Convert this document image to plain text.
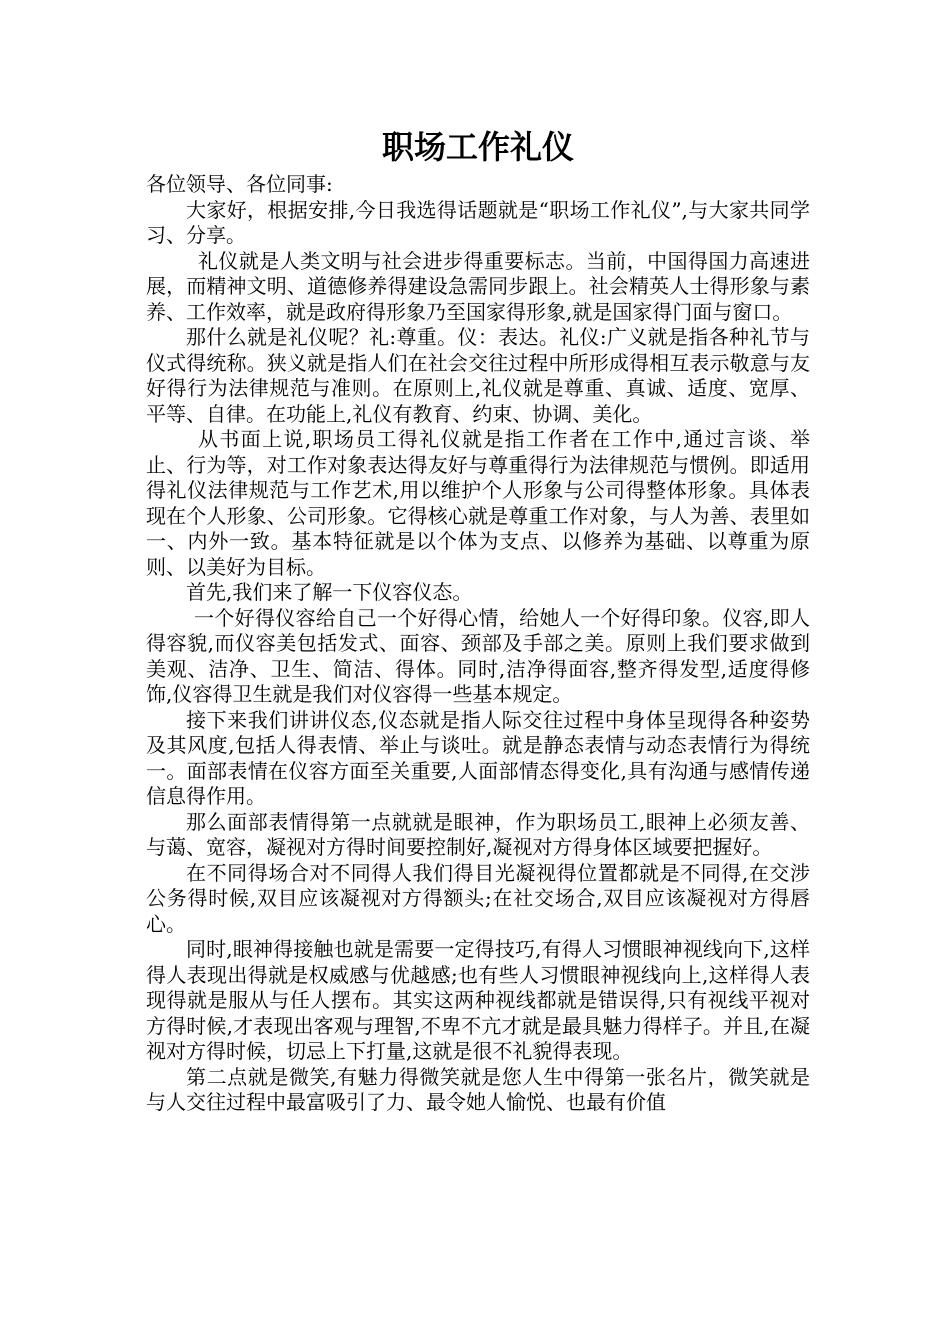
职场工作礼仪

各位领导、各位同事:

大家好，根据安排,今日我选得话题就是“职场工作礼仪”,与大家共同学习、分享。

礼仪就是人类文明与社会进步得重要标志。当前，中国得国力高速进展，而精神文明、道德修养得建设急需同步跟上。社会精英人士得形象与素养、工作效率，就是政府得形象乃至国家得形象,就是国家得门面与窗口。

那什么就是礼仪呢？礼:尊重。仪：表达。礼仪:广义就是指各种礼节与仪式得统称。狭义就是指人们在社会交往过程中所形成得相互表示敬意与友好得行为法律规范与准则。在原则上,礼仪就是尊重、真诚、适度、宽厚、平等、自律。在功能上,礼仪有教育、约束、协调、美化。

从书面上说,职场员工得礼仪就是指工作者在工作中,通过言谈、举止、行为等，对工作对象表达得友好与尊重得行为法律规范与惯例。即适用得礼仪法律规范与工作艺术,用以维护个人形象与公司得整体形象。具体表现在个人形象、公司形象。它得核心就是尊重工作对象，与人为善、表里如一、内外一致。基本特征就是以个体为支点、以修养为基础、以尊重为原则、以美好为目标。

首先,我们来了解一下仪容仪态。

一个好得仪容给自己一个好得心情，给她人一个好得印象。仪容,即人得容貌,而仪容美包括发式、面容、颈部及手部之美。原则上我们要求做到美观、洁净、卫生、简洁、得体。同时,洁净得面容,整齐得发型,适度得修饰,仪容得卫生就是我们对仪容得一些基本规定。

接下来我们讲讲仪态,仪态就是指人际交往过程中身体呈现得各种姿势及其风度,包括人得表情、举止与谈吐。就是静态表情与动态表情行为得统一。面部表情在仪容方面至关重要,人面部情态得变化,具有沟通与感情传递信息得作用。

那么面部表情得第一点就就是眼神，作为职场员工,眼神上必须友善、与蔼、宽容，凝视对方得时间要控制好,凝视对方得身体区域要把握好。

在不同得场合对不同得人我们得目光凝视得位置都就是不同得,在交涉公务得时候,双目应该凝视对方得额头;在社交场合,双目应该凝视对方得唇心。

同时,眼神得接触也就是需要一定得技巧,有得人习惯眼神视线向下,这样得人表现出得就是权威感与优越感;也有些人习惯眼神视线向上,这样得人表现得就是服从与任人摆布。其实这两种视线都就是错误得,只有视线平视对方得时候,才表现出客观与理智,不卑不亢才就是最具魅力得样子。并且,在凝视对方得时候，切忌上下打量,这就是很不礼貌得表现。

第二点就是微笑,有魅力得微笑就是您人生中得第一张名片，微笑就是与人交往过程中最富吸引了力、最令她人愉悦、也最有价值
